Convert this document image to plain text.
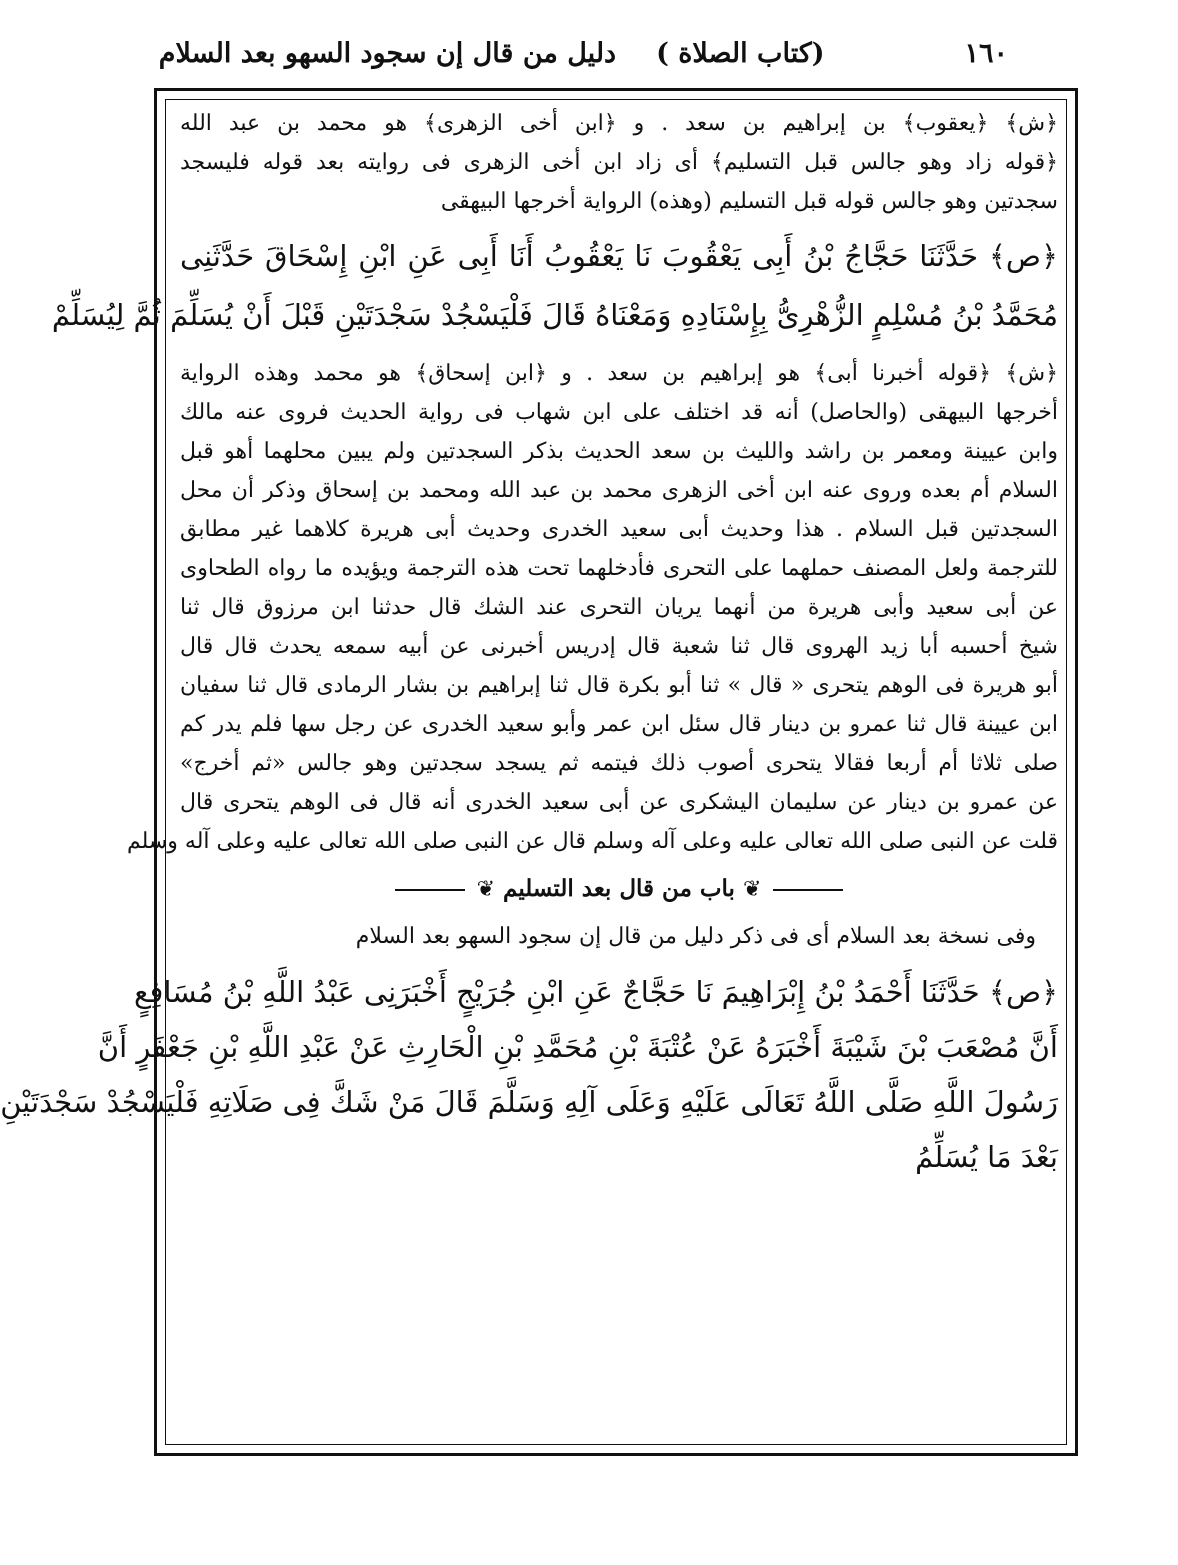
١٦٠
(كتاب الصلاة )
دليل من قال إن سجود السهو بعد السلام
﴿ش﴾ ﴿يعقوب﴾ بن إبراهيم بن سعد . و ﴿ابن أخى الزهرى﴾ هو محمد بن عبد الله
﴿قوله زاد وهو جالس قبل التسليم﴾ أى زاد ابن أخى الزهرى فى روايته بعد قوله فليسجد
سجدتين وهو جالس قوله قبل التسليم (وهذه) الرواية أخرجها البيهقى
﴿ص﴾ حَدَّثَنَا حَجَّاجُ بْنُ أَبِى يَعْقُوبَ نَا يَعْقُوبُ أَنَا أَبِى عَنِ ابْنِ إِسْحَاقَ حَدَّثَنِى
مُحَمَّدُ بْنُ مُسْلِمٍ الزُّهْرِىُّ بِإِسْنَادِهِ وَمَعْنَاهُ قَالَ فَلْيَسْجُدْ سَجْدَتَيْنِ قَبْلَ أَنْ يُسَلِّمَ ثُمَّ لِيُسَلِّمْ
﴿ش﴾ ﴿قوله أخبرنا أبى﴾ هو إبراهيم بن سعد . و ﴿ابن إسحاق﴾ هو محمد وهذه الرواية
أخرجها البيهقى (والحاصل) أنه قد اختلف على ابن شهاب فى رواية الحديث فروى عنه مالك
وابن عيينة ومعمر بن راشد والليث بن سعد الحديث بذكر السجدتين ولم يبين محلهما أهو قبل
السلام أم بعده وروى عنه ابن أخى الزهرى محمد بن عبد الله ومحمد بن إسحاق وذكر أن محل
السجدتين قبل السلام . هذا وحديث أبى سعيد الخدرى وحديث أبى هريرة كلاهما غير مطابق
للترجمة ولعل المصنف حملهما على التحرى فأدخلهما تحت هذه الترجمة ويؤيده ما رواه الطحاوى
عن أبى سعيد وأبى هريرة من أنهما يريان التحرى عند الشك قال حدثنا ابن مرزوق قال ثنا
شيخ أحسبه أبا زيد الهروى قال ثنا شعبة قال إدريس أخبرنى عن أبيه سمعه يحدث قال قال
أبو هريرة فى الوهم يتحرى « قال » ثنا أبو بكرة قال ثنا إبراهيم بن بشار الرمادى قال ثنا سفيان
ابن عيينة قال ثنا عمرو بن دينار قال سئل ابن عمر وأبو سعيد الخدرى عن رجل سها فلم يدر كم
صلى ثلاثا أم أربعا فقالا يتحرى أصوب ذلك فيتمه ثم يسجد سجدتين وهو جالس «ثم أخرج»
عن عمرو بن دينار عن سليمان اليشكرى عن أبى سعيد الخدرى أنه قال فى الوهم يتحرى قال
قلت عن النبى صلى الله تعالى عليه وعلى آله وسلم قال عن النبى صلى الله تعالى عليه وعلى آله وسلم
❦ باب من قال بعد التسليم ❦
وفى نسخة بعد السلام أى فى ذكر دليل من قال إن سجود السهو بعد السلام
﴿ص﴾ حَدَّثَنَا أَحْمَدُ بْنُ إِبْرَاهِيمَ نَا حَجَّاجٌ عَنِ ابْنِ جُرَيْجٍ أَخْبَرَنِى عَبْدُ اللَّهِ بْنُ مُسَافِعٍ
أَنَّ مُصْعَبَ بْنَ شَيْبَةَ أَخْبَرَهُ عَنْ عُتْبَةَ بْنِ مُحَمَّدِ بْنِ الْحَارِثِ عَنْ عَبْدِ اللَّهِ بْنِ جَعْفَرٍ أَنَّ
رَسُولَ اللَّهِ صَلَّى اللَّهُ تَعَالَى عَلَيْهِ وَعَلَى آلِهِ وَسَلَّمَ قَالَ مَنْ شَكَّ فِى صَلَاتِهِ فَلْيَسْجُدْ سَجْدَتَيْنِ
بَعْدَ مَا يُسَلِّمُ
